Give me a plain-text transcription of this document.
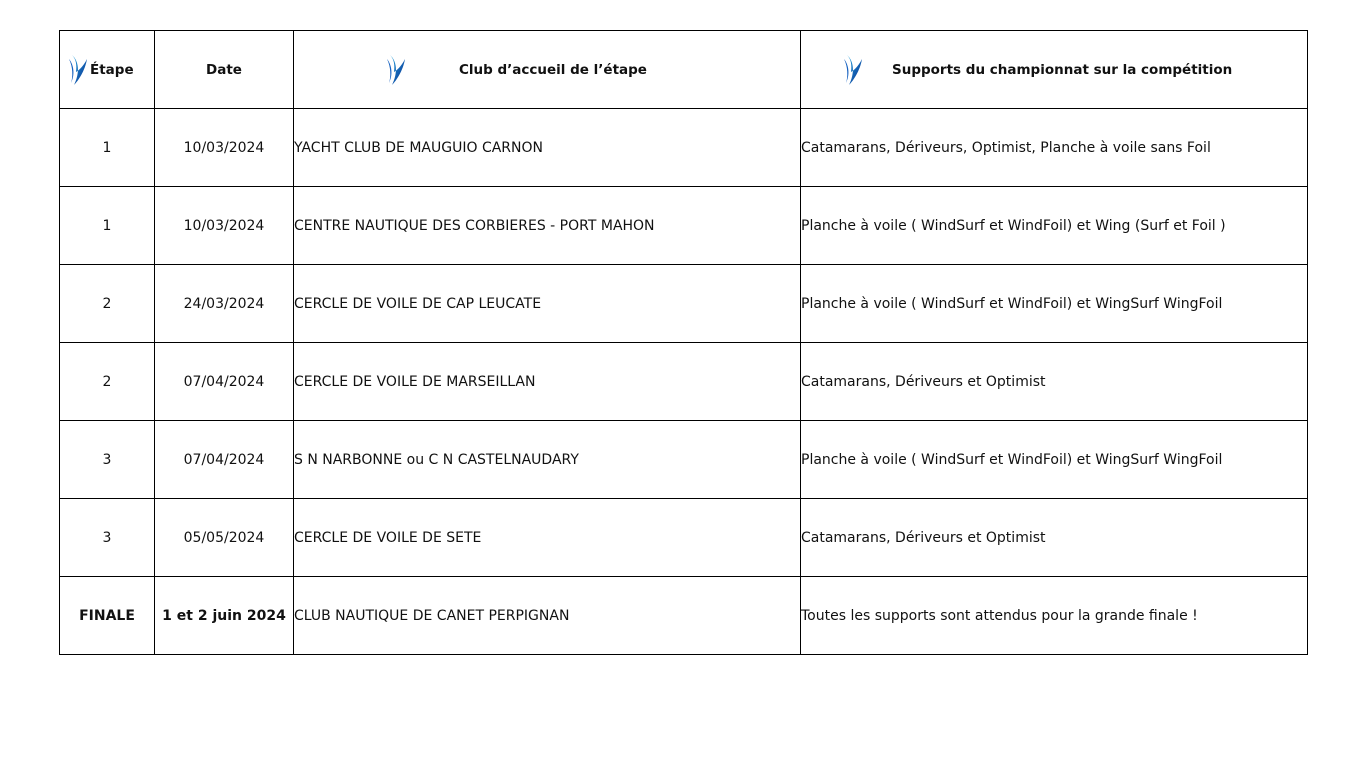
Étape	Date	Club d’accueil de l’étape	Supports du championnat sur la compétition

1	10/03/2024	YACHT CLUB DE MAUGUIO CARNON	Catamarans, Dériveurs, Optimist, Planche à voile sans Foil
1	10/03/2024	CENTRE NAUTIQUE DES CORBIERES - PORT MAHON	Planche à voile ( WindSurf et WindFoil) et Wing (Surf et Foil )
2	24/03/2024	CERCLE DE VOILE DE CAP LEUCATE	Planche à voile ( WindSurf et WindFoil) et WingSurf WingFoil
2	07/04/2024	CERCLE DE VOILE DE MARSEILLAN	Catamarans, Dériveurs et Optimist
3	07/04/2024	S N NARBONNE ou C N CASTELNAUDARY	Planche à voile ( WindSurf et WindFoil) et WingSurf WingFoil
3	05/05/2024	CERCLE DE VOILE DE SETE	Catamarans, Dériveurs et Optimist
FINALE	1 et 2 juin 2024	CLUB NAUTIQUE DE CANET PERPIGNAN	Toutes les supports sont attendus pour la grande finale !
